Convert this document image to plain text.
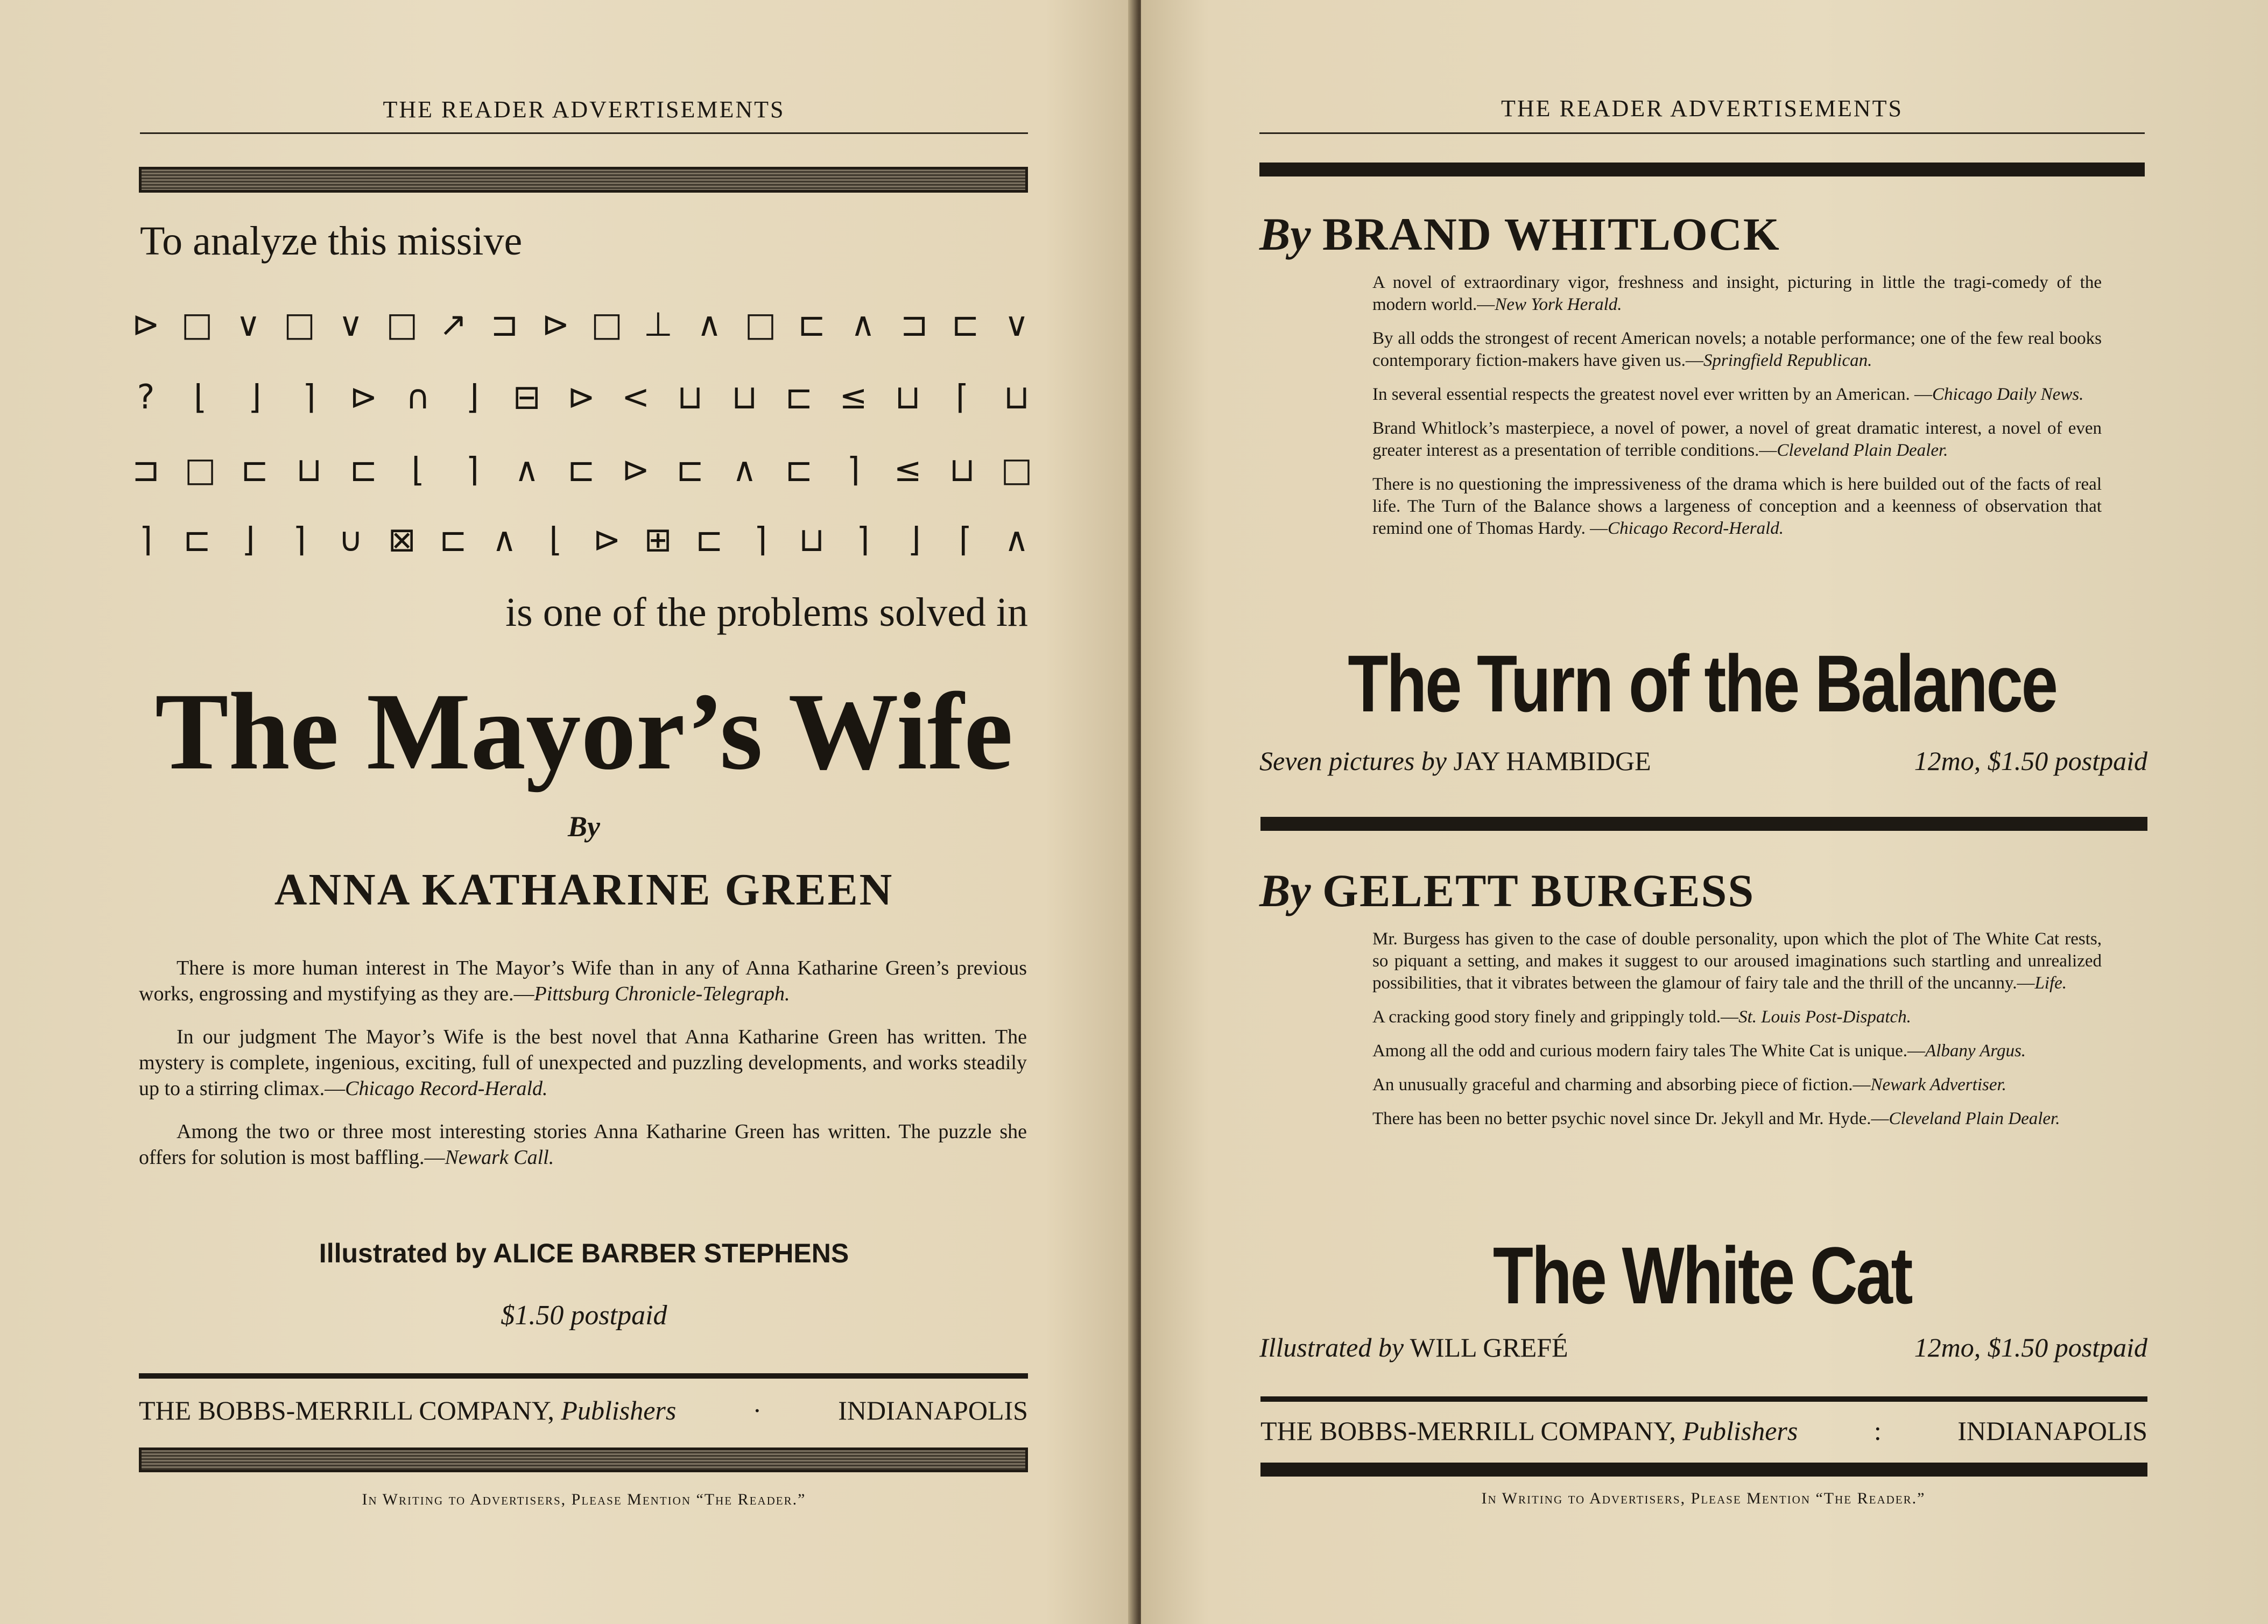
THE READER ADVERTISEMENTS
To analyze this missive
⊳ □ ∨ □ ∨ □ ↗ ⊐ ⊳ □ ⊥ ∧ □ ⊏ ∧ ⊐ ⊏ ∨
?	⌊	⌋	⌉	⊳ ∩	⌋	⊟ ⊳ < ⊔ ⊔ ⊏ ≤ ⊔	⌈	⊔
⊐ □ ⊏ ⊔ ⊏	⌊	⌉	∧ ⊏ ⊳ ⊏ ∧ ⊏	⌉	≤ ⊔ □
⌉ ⊏ ⌋	⌉ ∪ ⊠ ⊏ ∧ ⌊ ⊳ ⊞ ⊏ ⌉ ⊔ ⌉	⌋	⌈ ∧
is one of the problems solved in
The Mayor’s Wife
By
ANNA KATHARINE GREEN

There is more human interest in The Mayor’s Wife than in any of Anna Katharine Green’s previous works, engrossing and mystifying as they are.—Pittsburg Chronicle-Telegraph.

In our judgment The Mayor’s Wife is the best novel that Anna Katharine Green has written. The mystery is complete, ingenious, exciting, full of unexpected and puzzling developments, and works steadily up to a stirring climax.—Chicago Record-Herald.

Among the two or three most interesting stories Anna Katharine Green has written. The puzzle she offers for solution is most baffling.—Newark Call.

Illustrated by ALICE BARBER STEPHENS
$1.50 postpaid
THE BOBBS-MERRILL COMPANY, Publishers	·	INDIANAPOLIS
In Writing to Advertisers, Please Mention “The Reader.”
THE READER ADVERTISEMENTS
By BRAND WHITLOCK

A novel of extraordinary vigor, freshness and insight, picturing in little the tragi-comedy of the modern world.—New York Herald.

By all odds the strongest of recent American novels; a notable performance; one of the few real books contemporary fiction-makers have given us.—Springfield Republican.

In several essential respects the greatest novel ever written by an American. —Chicago Daily News.

Brand Whitlock’s masterpiece, a novel of power, a novel of great dramatic interest, a novel of even greater interest as a presentation of terrible conditions.—Cleveland Plain Dealer.

There is no questioning the impressiveness of the drama which is here builded out of the facts of real life. The Turn of the Balance shows a largeness of conception and a keenness of observation that remind one of Thomas Hardy. —Chicago Record-Herald.

The Turn of the Balance
Seven pictures by JAY HAMBIDGE	12mo, $1.50 postpaid
By GELETT BURGESS

Mr. Burgess has given to the case of double personality, upon which the plot of The White Cat rests, so piquant a setting, and makes it suggest to our aroused imaginations such startling and unrealized possibilities, that it vibrates between the glamour of fairy tale and the thrill of the uncanny.—Life.

A cracking good story finely and grippingly told.—St. Louis Post-Dispatch.

Among all the odd and curious modern fairy tales The White Cat is unique.—Albany Argus.

An unusually graceful and charming and absorbing piece of fiction.—Newark Advertiser.

There has been no better psychic novel since Dr. Jekyll and Mr. Hyde.—Cleveland Plain Dealer.

The White Cat
Illustrated by WILL GREFÉ	12mo, $1.50 postpaid
THE BOBBS-MERRILL COMPANY, Publishers	:	INDIANAPOLIS
In Writing to Advertisers, Please Mention “The Reader.”
